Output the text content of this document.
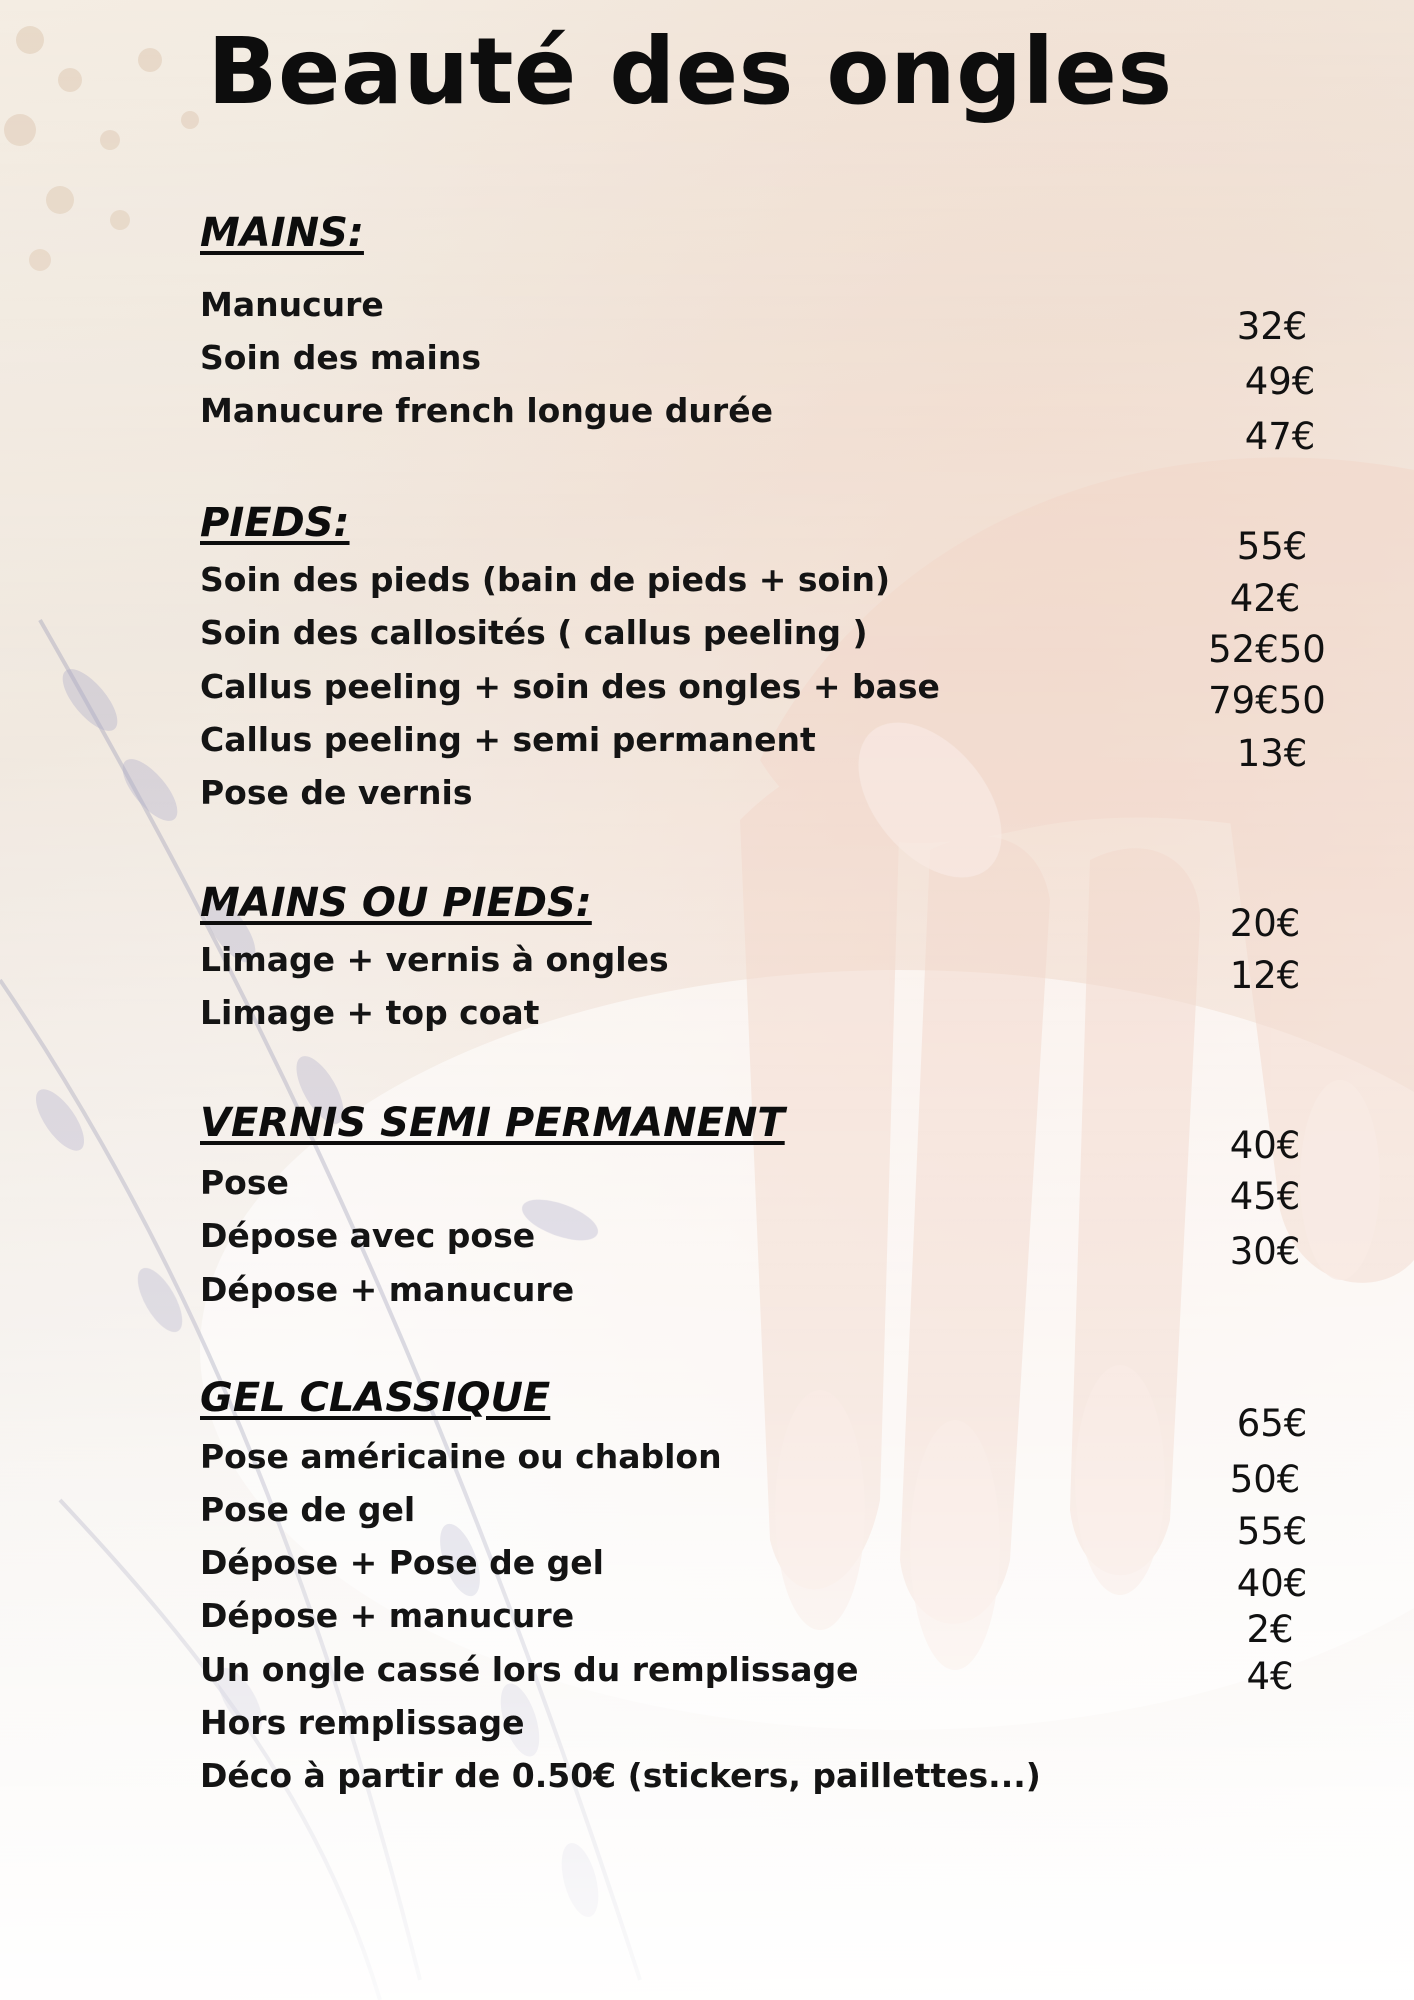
Beauté des ongles
MAINS:
Manucure
Soin des mains
Manucure french longue durée
32€
49€
47€
PIEDS:
Soin des pieds (bain de pieds + soin)
Soin des callosités ( callus peeling )
Callus peeling + soin des ongles + base
Callus peeling + semi permanent
Pose de vernis
55€
42€
52€50
79€50
13€
MAINS OU PIEDS:
Limage + vernis à ongles
Limage + top coat
20€
12€
VERNIS SEMI PERMANENT
Pose
Dépose avec pose
Dépose + manucure
40€
45€
30€
GEL CLASSIQUE
Pose américaine ou chablon
Pose de gel
Dépose + Pose de gel
Dépose + manucure
Un ongle cassé lors du remplissage
Hors remplissage
Déco à partir de 0.50€ (stickers, paillettes...)
65€
50€
55€
40€
2€
4€
